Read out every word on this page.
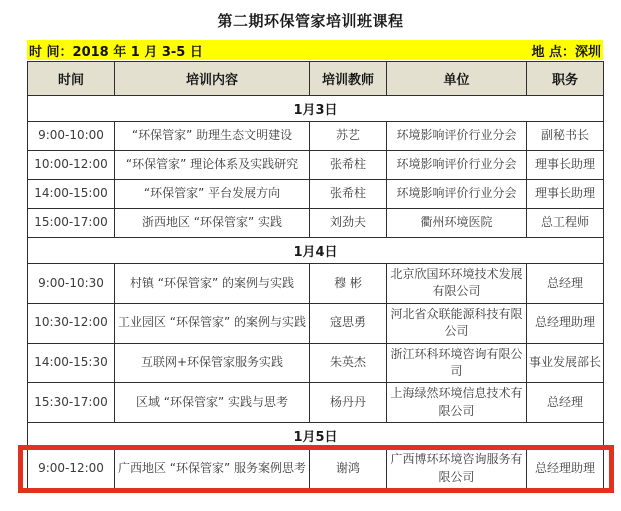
第二期环保管家培训班课程
时 间：2018 年 1 月 3-5 日	地 点：深圳
时间	培训内容	培训教师	单位	职务
1月3日				
9:00-10:00	“环保管家” 助理生态文明建设	苏艺	环境影响评价行业分会	副秘书长
10:00-12:00	“环保管家” 理论体系及实践研究	张希柱	环境影响评价行业分会	理事长助理
14:00-15:00	“环保管家” 平台发展方向	张希柱	环境影响评价行业分会	理事长助理
15:00-17:00	浙西地区 “环保管家” 实践	刘劲夫	衢州环境医院	总工程师
1月4日				
9:00-10:30	村镇 “环保管家” 的案例与实践	穆 彬	北京欣国环环境技术发展有限公司	总经理
10:30-12:00	工业园区 “环保管家” 的案例与实践	寇思勇	河北省众联能源科技有限公司	总经理助理
14:00-15:30	互联网+环保管家服务实践	朱英杰	浙江环科环境咨询有限公司	事业发展部长
15:30-17:00	区域 “环保管家” 实践与思考	杨丹丹	上海绿然环境信息技术有限公司	总经理
1月5日				
9:00-12:00	广西地区 “环保管家” 服务案例思考	谢鸿	广西博环环境咨询服务有限公司	总经理助理
